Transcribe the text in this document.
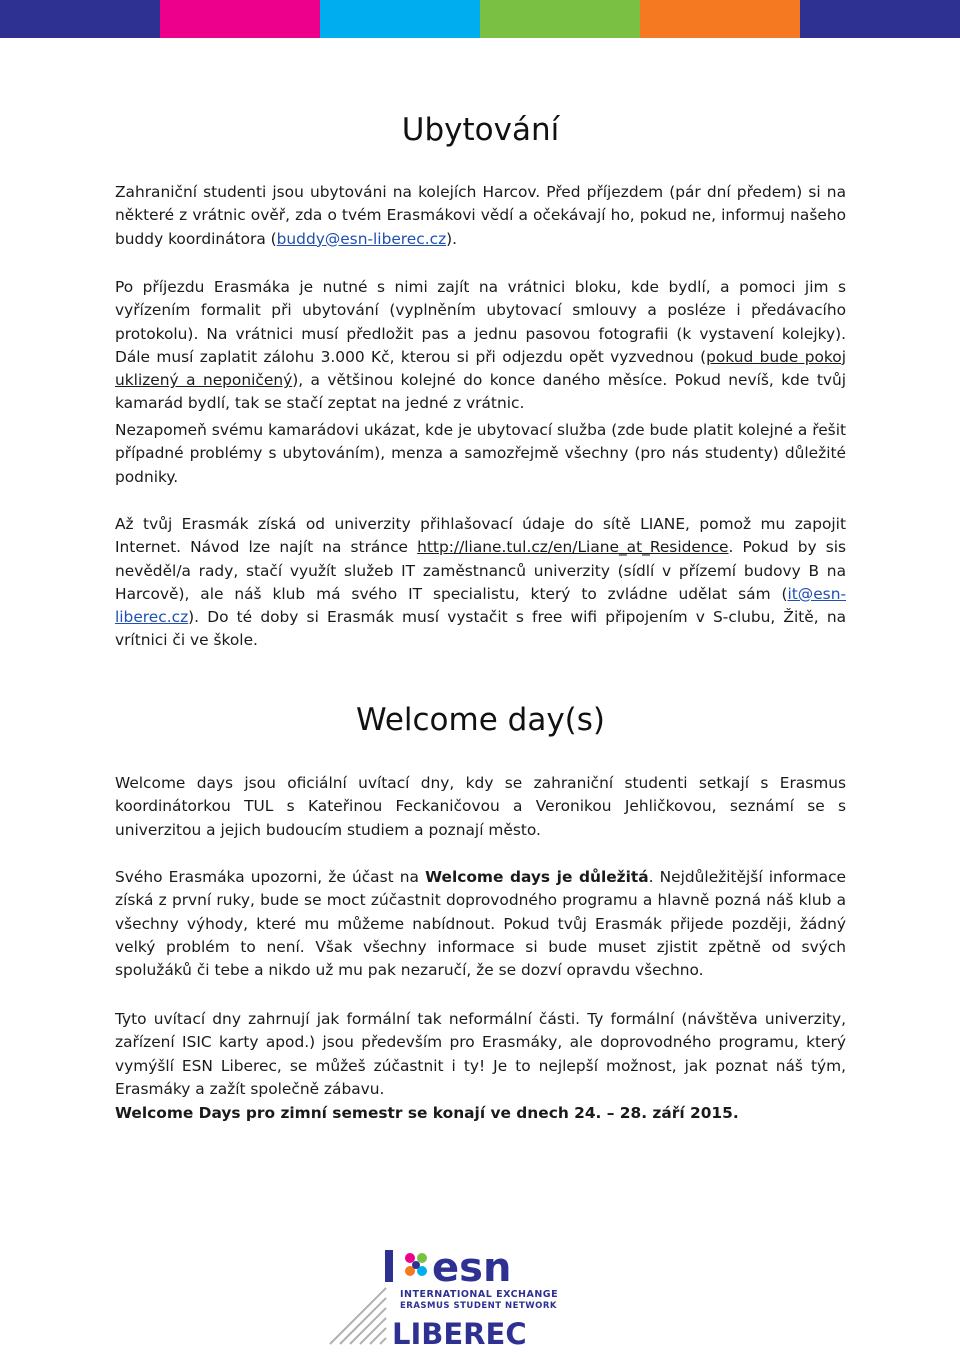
Ubytování

Zahraniční studenti jsou ubytováni na kolejích Harcov. Před příjezdem (pár dní předem) si na některé z vrátnic ověř, zda o tvém Erasmákovi vědí a očekávají ho, pokud ne, informuj našeho buddy koordinátora (buddy@esn-liberec.cz).

Po příjezdu Erasmáka je nutné s nimi zajít na vrátnici bloku, kde bydlí, a pomoci jim s vyřízením formalit při ubytování (vyplněním ubytovací smlouvy a posléze i předávacího protokolu). Na vrátnici musí předložit pas a jednu pasovou fotografii (k vystavení kolejky). Dále musí zaplatit zálohu 3.000 Kč, kterou si při odjezdu opět vyzvednou (pokud bude pokoj uklizený a neponičený), a většinou kolejné do konce daného měsíce. Pokud nevíš, kde tvůj kamarád bydlí, tak se stačí zeptat na jedné z vrátnic.

Nezapomeň svému kamarádovi ukázat, kde je ubytovací služba (zde bude platit kolejné a řešit případné problémy s ubytováním), menza a samozřejmě všechny (pro nás studenty) důležité podniky.

Až tvůj Erasmák získá od univerzity přihlašovací údaje do sítě LIANE, pomož mu zapojit Internet. Návod lze najít na stránce http://liane.tul.cz/en/Liane_at_Residence. Pokud by sis nevěděl/a rady, stačí využít služeb IT zaměstnanců univerzity (sídlí v přízemí budovy B na Harcově), ale náš klub má svého IT specialistu, který to zvládne udělat sám (it@esn-liberec.cz). Do té doby si Erasmák musí vystačit s free wifi připojením v S-clubu, Žitě, na vrítnici či ve škole.

Welcome day(s)

Welcome days jsou oficiální uvítací dny, kdy se zahraniční studenti setkají s Erasmus koordinátorkou TUL s Kateřinou Feckaničovou a Veronikou Jehličkovou, seznámí se s univerzitou a jejich budoucím studiem a poznají město.

Svého Erasmáka upozorni, že účast na Welcome days je důležitá. Nejdůležitější informace získá z první ruky, bude se moct zúčastnit doprovodného programu a hlavně pozná náš klub a všechny výhody, které mu můžeme nabídnout. Pokud tvůj Erasmák přijede později, žádný velký problém to není. Však všechny informace si bude muset zjistit zpětně od svých spolužáků či tebe a nikdo už mu pak nezaručí, že se dozví opravdu všechno.

Tyto uvítací dny zahrnují jak formální tak neformální části. Ty formální (návštěva univerzity, zařízení ISIC karty apod.) jsou především pro Erasmáky, ale doprovodného programu, který vymýšlí ESN Liberec, se můžeš zúčastnit i ty! Je to nejlepší možnost, jak poznat náš tým, Erasmáky a zažít společně zábavu.

Welcome Days pro zimní semestr se konají ve dnech 24. – 28. září 2015.

esn
INTERNATIONAL EXCHANGE
ERASMUS STUDENT NETWORK
LIBEREC
